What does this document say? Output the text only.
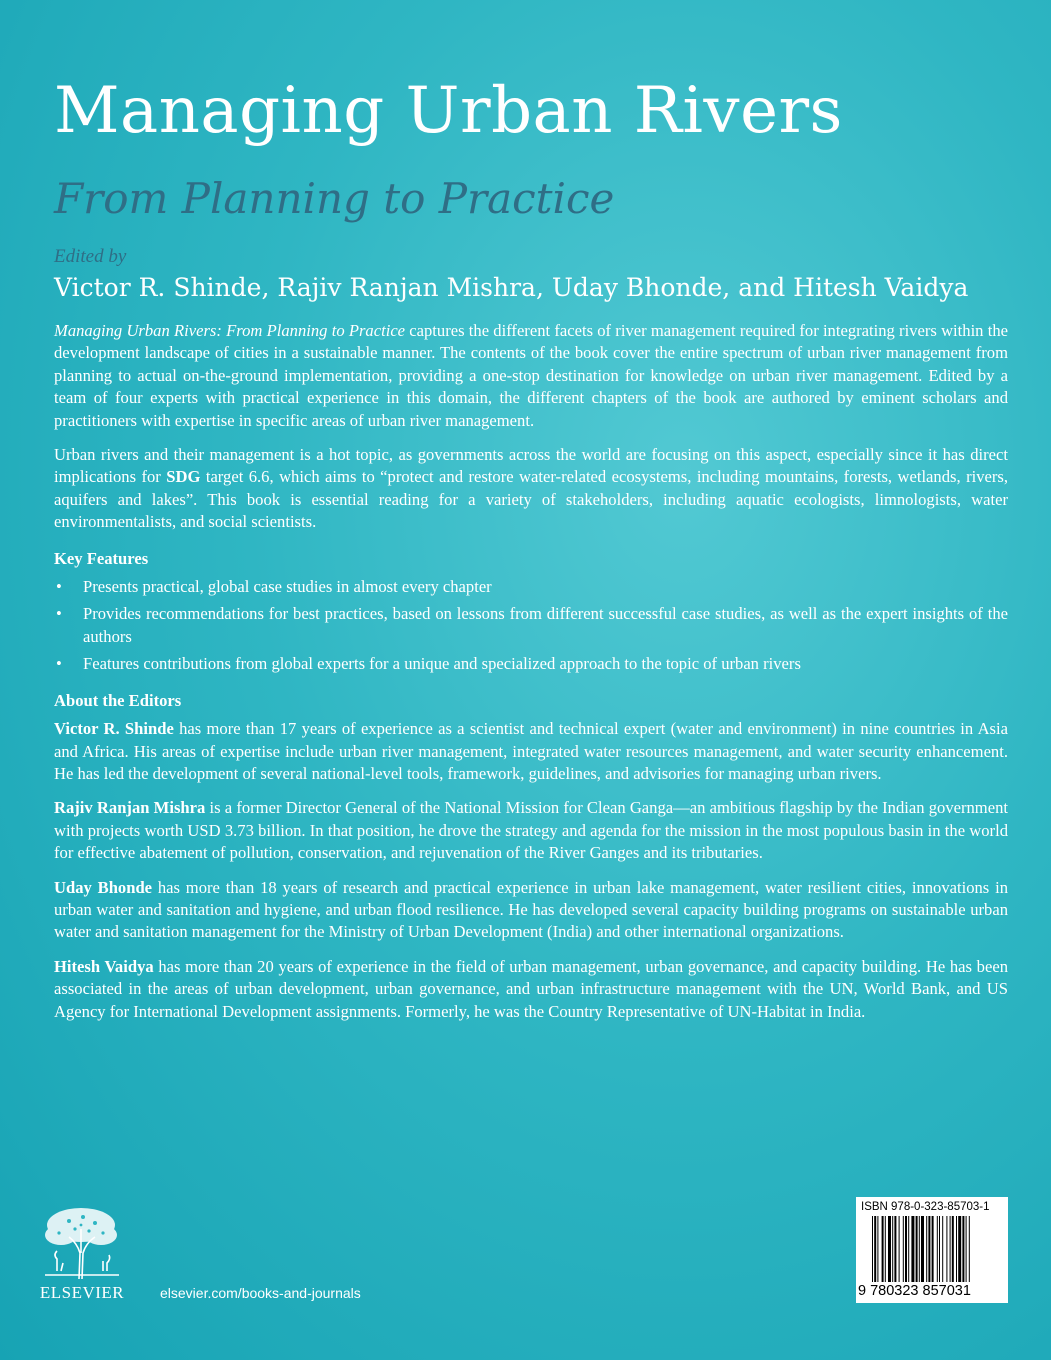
Managing Urban Rivers
From Planning to Practice
Edited by
Victor R. Shinde, Rajiv Ranjan Mishra, Uday Bhonde, and Hitesh Vaidya

Managing Urban Rivers: From Planning to Practice captures the different facets of river management required for integrating rivers within the development landscape of cities in a sustainable manner. The contents of the book cover the entire spectrum of urban river management from planning to actual on-the-ground implementation, providing a one-stop destination for knowledge on urban river management. Edited by a team of four experts with practical experience in this domain, the different chapters of the book are authored by eminent scholars and practitioners with expertise in specific areas of urban river management.

Urban rivers and their management is a hot topic, as governments across the world are focusing on this aspect, especially since it has direct implications for SDG target 6.6, which aims to “protect and restore water-related ecosystems, including mountains, forests, wetlands, rivers, aquifers and lakes”. This book is essential reading for a variety of stakeholders, including aquatic ecologists, limnologists, water environmentalists, and social scientists.

Key Features
• Presents practical, global case studies in almost every chapter
• Provides recommendations for best practices, based on lessons from different successful case studies, as well as the expert insights of the authors
• Features contributions from global experts for a unique and specialized approach to the topic of urban rivers
About the Editors

Victor R. Shinde has more than 17 years of experience as a scientist and technical expert (water and environment) in nine countries in Asia and Africa. His areas of expertise include urban river management, integrated water resources management, and water security enhancement. He has led the development of several national-level tools, framework, guidelines, and advisories for managing urban rivers.

Rajiv Ranjan Mishra is a former Director General of the National Mission for Clean Ganga—an ambitious flagship by the Indian government with projects worth USD 3.73 billion. In that position, he drove the strategy and agenda for the mission in the most populous basin in the world for effective abatement of pollution, conservation, and rejuvenation of the River Ganges and its tributaries.

Uday Bhonde has more than 18 years of research and practical experience in urban lake management, water resilient cities, innovations in urban water and sanitation and hygiene, and urban flood resilience. He has developed several capacity building programs on sustainable urban water and sanitation management for the Ministry of Urban Development (India) and other international organizations.

Hitesh Vaidya has more than 20 years of experience in the field of urban management, urban governance, and capacity building. He has been associated in the areas of urban development, urban governance, and urban infrastructure management with the UN, World Bank, and US Agency for International Development assignments. Formerly, he was the Country Representative of UN-Habitat in India.

ELSEVIER	elsevier.com/books-and-journals
ISBN 978-0-323-85703-1
9 780323 857031
